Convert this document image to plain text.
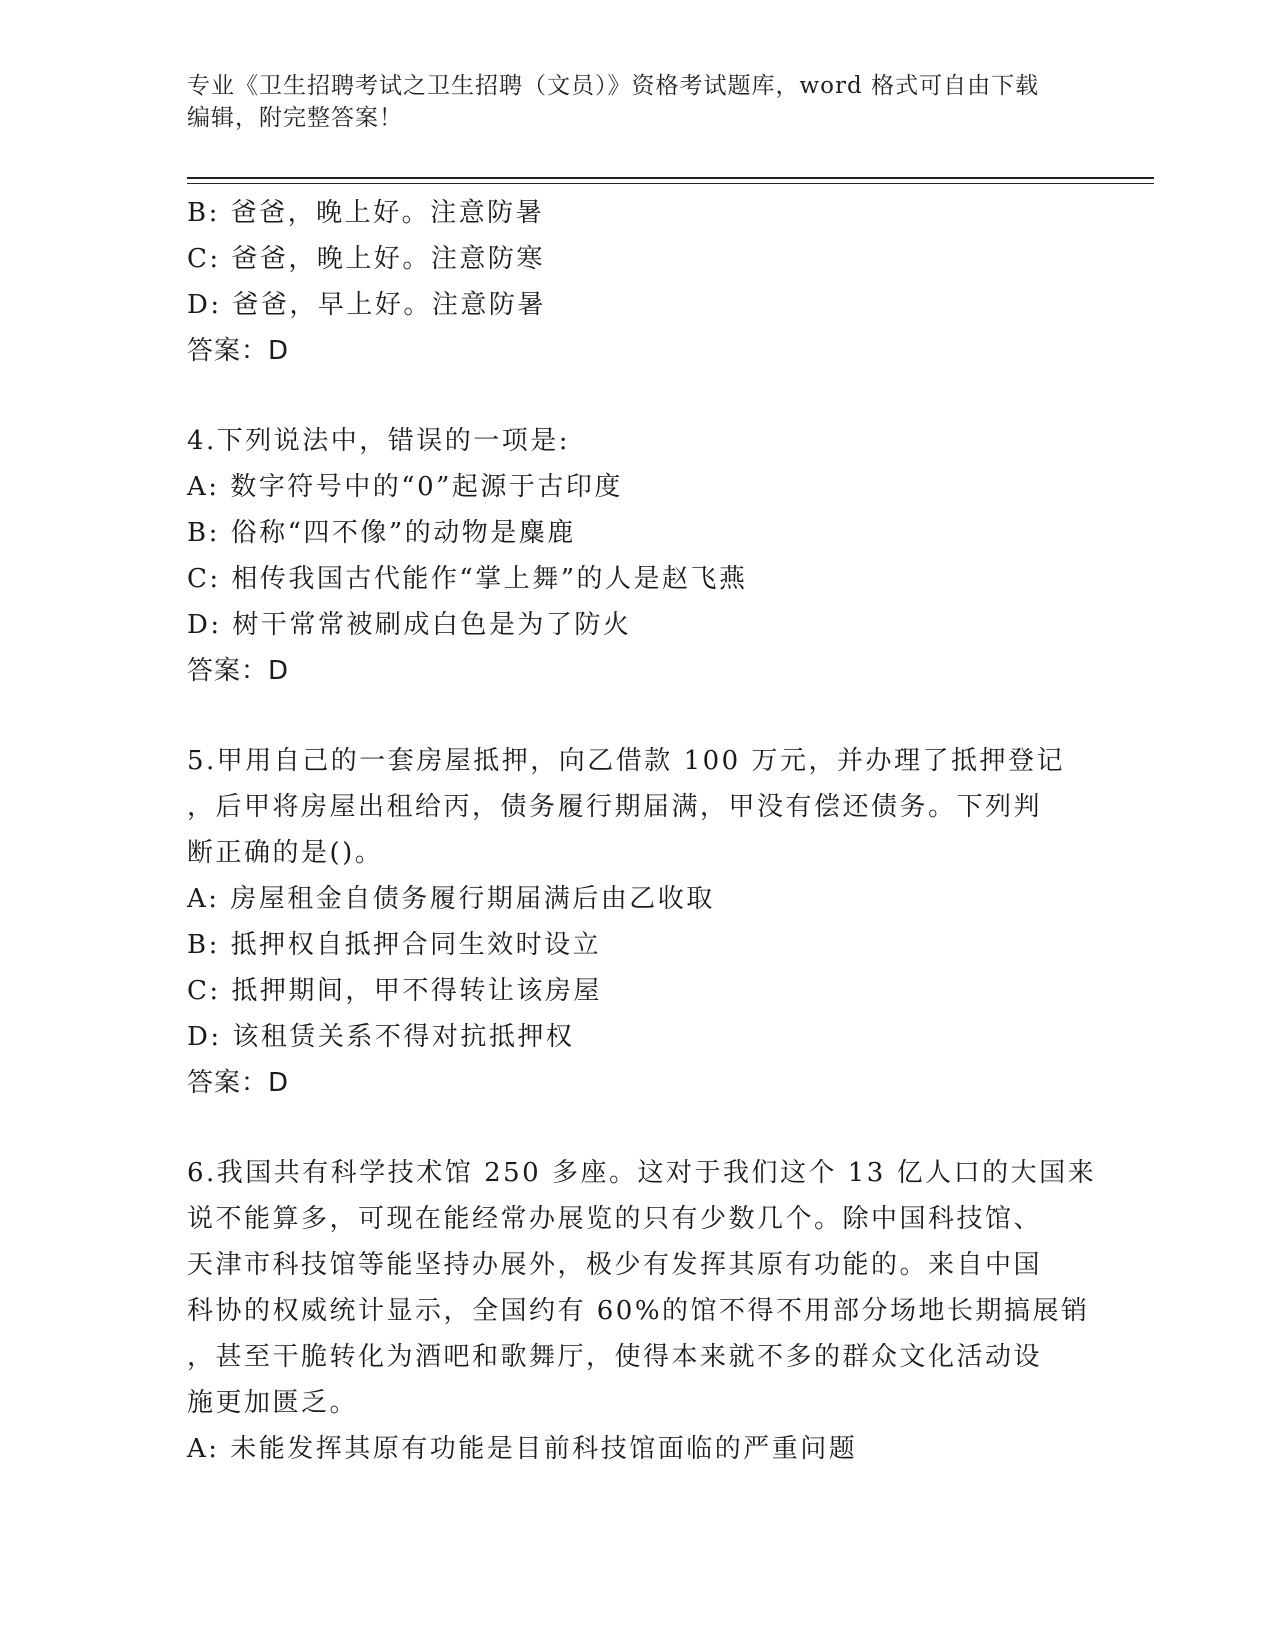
专业《卫生招聘考试之卫生招聘（文员）》资格考试题库，word 格式可自由下载
编辑，附完整答案！
B: 爸爸，晚上好。注意防暑
C: 爸爸，晚上好。注意防寒
D: 爸爸，早上好。注意防暑
答案：D
4.下列说法中，错误的一项是:
A: 数字符号中的“0”起源于古印度
B: 俗称“四不像”的动物是麋鹿
C: 相传我国古代能作“掌上舞”的人是赵飞燕
D: 树干常常被刷成白色是为了防火
答案：D
5.甲用自己的一套房屋抵押，向乙借款 100 万元，并办理了抵押登记
，后甲将房屋出租给丙，债务履行期届满，甲没有偿还债务。下列判
断正确的是()。
A: 房屋租金自债务履行期届满后由乙收取
B: 抵押权自抵押合同生效时设立
C: 抵押期间，甲不得转让该房屋
D: 该租赁关系不得对抗抵押权
答案：D
6.我国共有科学技术馆 250 多座。这对于我们这个 13 亿人口的大国来
说不能算多，可现在能经常办展览的只有少数几个。除中国科技馆、
天津市科技馆等能坚持办展外，极少有发挥其原有功能的。来自中国
科协的权威统计显示，全国约有 60%的馆不得不用部分场地长期搞展销
，甚至干脆转化为酒吧和歌舞厅，使得本来就不多的群众文化活动设
施更加匮乏。
A: 未能发挥其原有功能是目前科技馆面临的严重问题
